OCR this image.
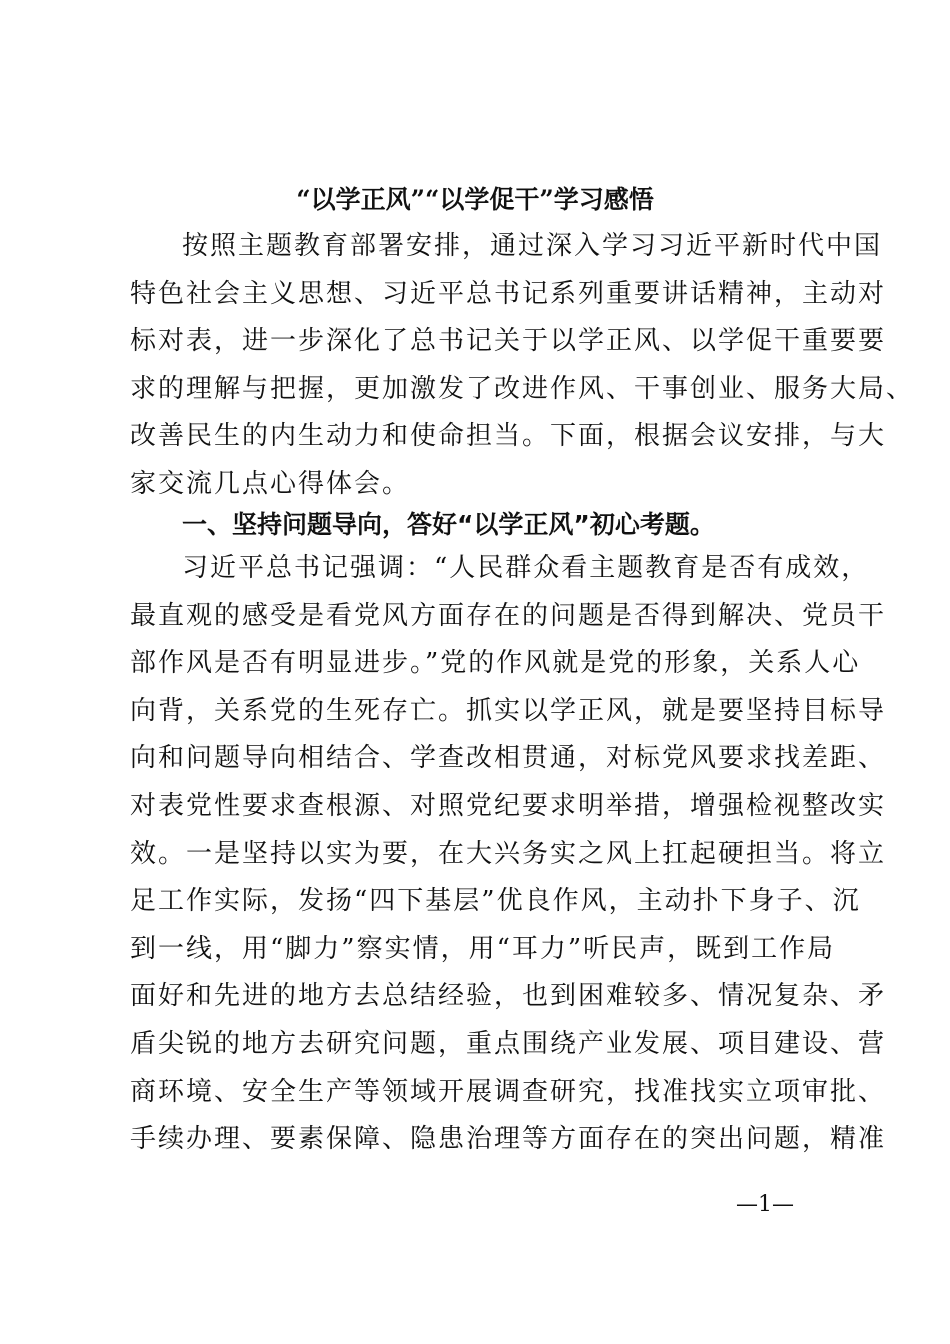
“以学正风”“以学促干”学习感悟
按照主题教育部署安排，通过深入学习习近平新时代中国
特色社会主义思想、习近平总书记系列重要讲话精神，主动对
标对表，进一步深化了总书记关于以学正风、以学促干重要要
求的理解与把握，更加激发了改进作风、干事创业、服务大局、
改善民生的内生动力和使命担当。下面，根据会议安排，与大
家交流几点心得体会。
一、坚持问题导向，答好“以学正风”初心考题。
习近平总书记强调：“人民群众看主题教育是否有成效，
最直观的感受是看党风方面存在的问题是否得到解决、党员干
部作风是否有明显进步。”党的作风就是党的形象，关系人心
向背，关系党的生死存亡。抓实以学正风，就是要坚持目标导
向和问题导向相结合、学查改相贯通，对标党风要求找差距、
对表党性要求查根源、对照党纪要求明举措，增强检视整改实
效。一是坚持以实为要，在大兴务实之风上扛起硬担当。将立
足工作实际，发扬“四下基层”优良作风，主动扑下身子、沉
到一线，用“脚力”察实情，用“耳力”听民声，既到工作局
面好和先进的地方去总结经验，也到困难较多、情况复杂、矛
盾尖锐的地方去研究问题，重点围绕产业发展、项目建设、营
商环境、安全生产等领域开展调查研究，找准找实立项审批、
手续办理、要素保障、隐患治理等方面存在的突出问题，精准
—1—
